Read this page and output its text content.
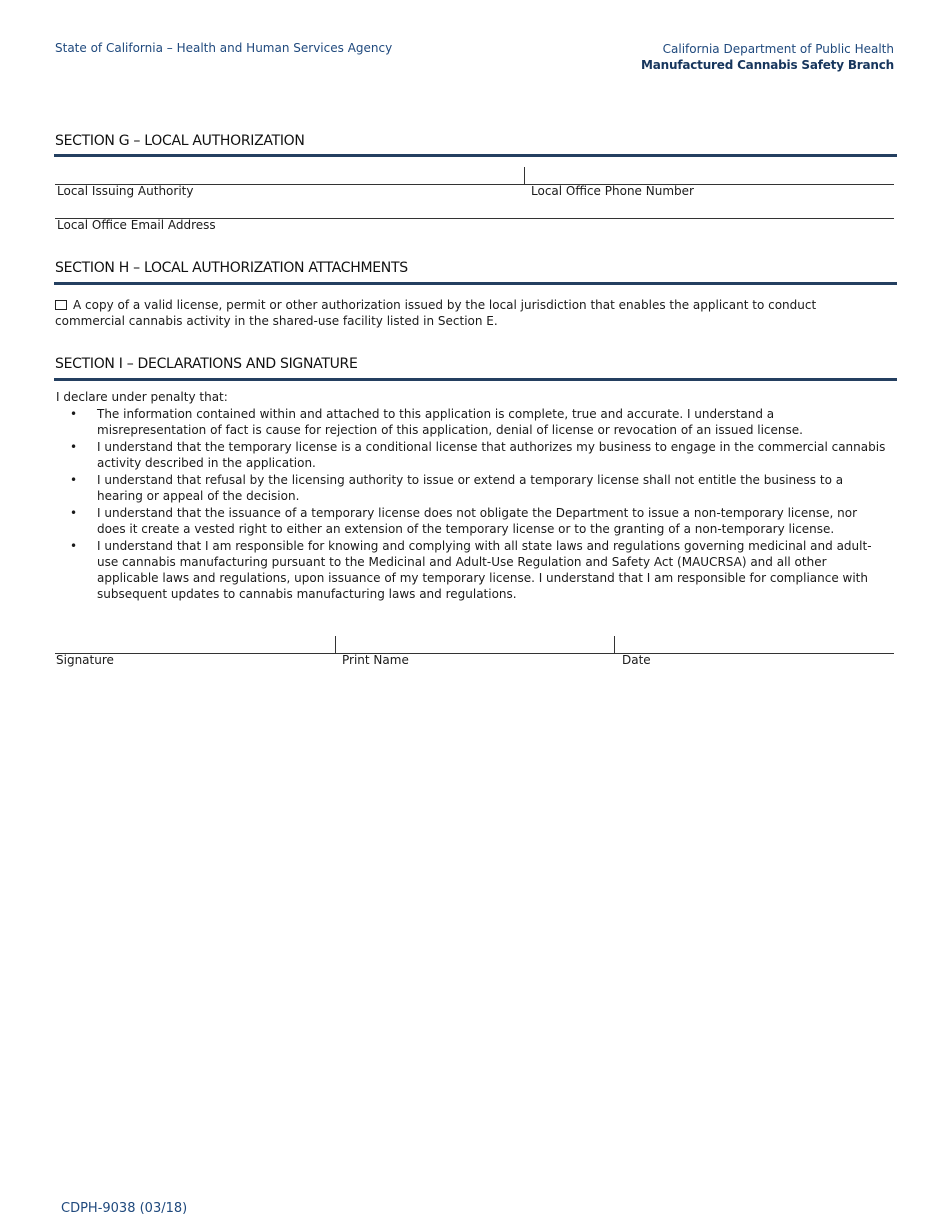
State of California – Health and Human Services Agency	California Department of Public Health
Manufactured Cannabis Safety Branch
SECTION G – LOCAL AUTHORIZATION
Local Issuing Authority	Local Office Phone Number
Local Office Email Address
SECTION H – LOCAL AUTHORIZATION ATTACHMENTS
A copy of a valid license, permit or other authorization issued by the local jurisdiction that enables the applicant to conduct commercial cannabis activity in the shared-use facility listed in Section E.
SECTION I – DECLARATIONS AND SIGNATURE
I declare under penalty that:
• The information contained within and attached to this application is complete, true and accurate. I understand a misrepresentation of fact is cause for rejection of this application, denial of license or revocation of an issued license.
• I understand that the temporary license is a conditional license that authorizes my business to engage in the commercial cannabis activity described in the application.
• I understand that refusal by the licensing authority to issue or extend a temporary license shall not entitle the business to a hearing or appeal of the decision.
• I understand that the issuance of a temporary license does not obligate the Department to issue a non-temporary license, nor does it create a vested right to either an extension of the temporary license or to the granting of a non-temporary license.
• I understand that I am responsible for knowing and complying with all state laws and regulations governing medicinal and adult-use cannabis manufacturing pursuant to the Medicinal and Adult-Use Regulation and Safety Act (MAUCRSA) and all other applicable laws and regulations, upon issuance of my temporary license. I understand that I am responsible for compliance with subsequent updates to cannabis manufacturing laws and regulations.
Signature	Print Name	Date
CDPH-9038 (03/18)
